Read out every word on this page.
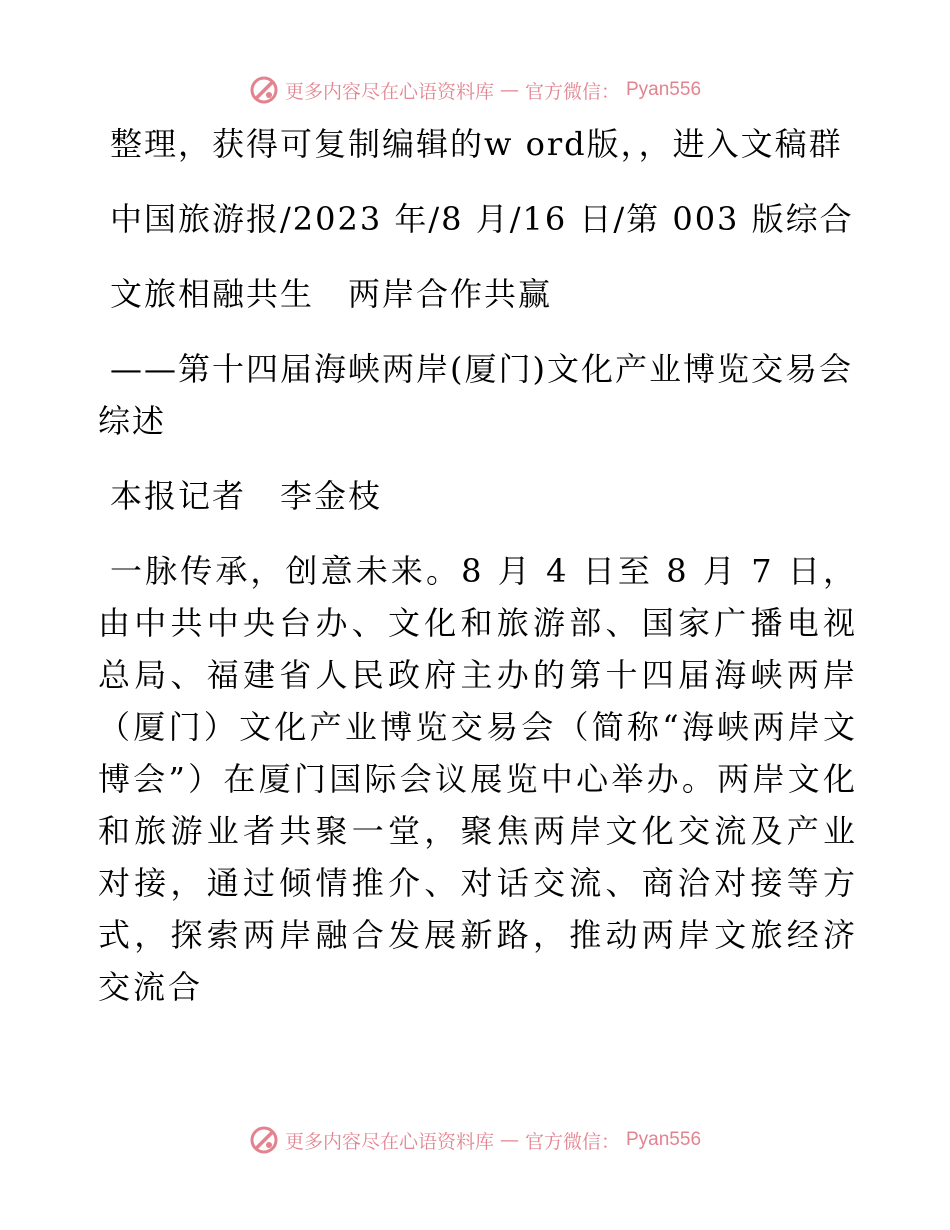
更多内容尽在心语资料库 — 官方微信： Pyan556

整理，获得可复制编辑的w ord版，，进入文稿群

中国旅游报/2023 年/8 月/16 日/第 003 版综合

文旅相融共生　两岸合作共赢

——第十四届海峡两岸(厦门)文化产业博览交易会综述

本报记者　李金枝

一脉传承，创意未来。8 月 4 日至 8 月 7 日，由中共中央台办、文化和旅游部、国家广播电视总局、福建省人民政府主办的第十四届海峡两岸（厦门）文化产业博览交易会（简称“海峡两岸文博会”）在厦门国际会议展览中心举办。两岸文化和旅游业者共聚一堂，聚焦两岸文化交流及产业对接，通过倾情推介、对话交流、商洽对接等方式，探索两岸融合发展新路，推动两岸文旅经济交流合

更多内容尽在心语资料库 — 官方微信： Pyan556
